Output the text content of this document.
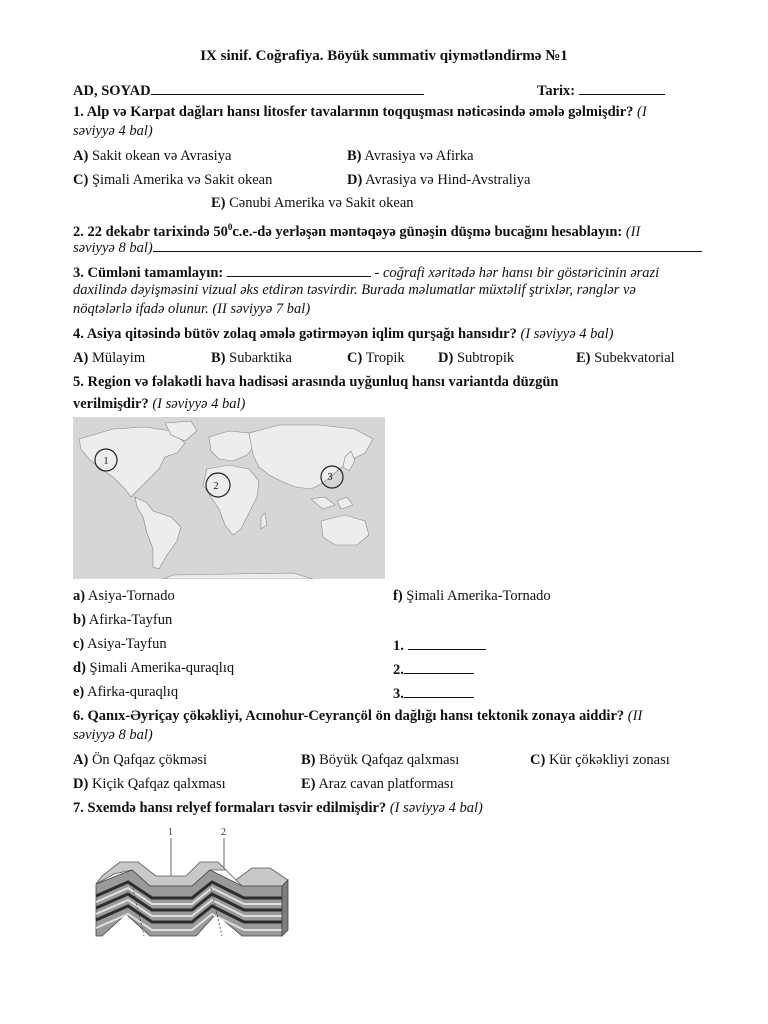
IX sinif. Coğrafiya. Böyük summativ qiymətləndirmə №1
AD, SOYAD	Tarix:
1. Alp və Karpat dağları hansı litosfer tavalarının toqquşması nəticəsində əmələ gəlmişdir? (I
səviyyə 4 bal)
A) Sakit okean və Avrasiya	B) Avrasiya və Afirka
C) Şimali Amerika və Sakit okean	D) Avrasiya və Hind-Avstraliya
E) Cənubi Amerika və Sakit okean
2. 22 dekabr tarixində $50^0c.e.-də$ yerləşən məntəqəyə günəşin düşmə bucağını hesablayın: (II
səviyyə 8 bal)
3. Cümləni tamamlayın:	- coğrafi xəritədə hər hansı bir göstəricinin ərazi
daxilində dəyişməsini vizual əks etdirən təsvirdir. Burada məlumatlar müxtəlif ştrixlər, rənglər və
nöqtələrlə ifadə olunur. (II səviyyə 7 bal)
4. Asiya qitəsində bütöv zolaq əmələ gətirməyən iqlim qurşağı hansıdır? (I səviyyə 4 bal)
A) Mülayim	B) Subarktika	C) Tropik D) Subtropik	E) Subekvatorial
5. Region və fəlakətli hava hadisəsi arasında uyğunluq hansı variantda düzgün
verilmişdir? (I səviyyə 4 bal)
1
2
3
a) Asiya-Tornado	f) Şimali Amerika-Tornado
b) Afirka-Tayfun
c) Asiya-Tayfun
d) Şimali Amerika-quraqlıq
e) Afirka-quraqlıq
1.
2.
3.
6. Qanıx-Əyriçay çökəkliyi, Acınohur-Ceyrançöl ön dağlığı hansı tektonik zonaya aiddir? (II
səviyyə 8 bal)
A) Ön Qafqaz çökməsi	B) Böyük Qafqaz qalxması	C) Kür çökəkliyi zonası
D) Kiçik Qafqaz qalxması	E) Araz cavan platforması
7. Sxemdə hansı relyef formaları təsvir edilmişdir? (I səviyyə 4 bal)
1	2
